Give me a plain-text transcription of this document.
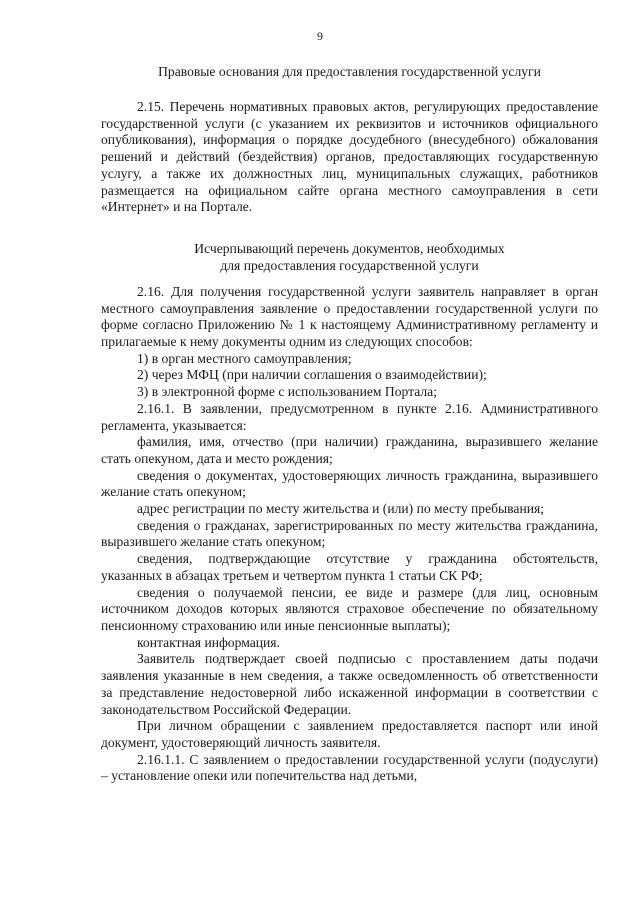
9

Правовые основания для предоставления государственной услуги

2.15. Перечень нормативных правовых актов, регулирующих предоставление государственной услуги (с указанием их реквизитов и источников официального опубликования), информация о порядке досудебного (внесудебного) обжалования решений и действий (бездействия) органов, предоставляющих государственную услугу, а также их должностных лиц, муниципальных служащих, работников размещается на официальном сайте органа местного самоуправления в сети «Интернет» и на Портале.

Исчерпывающий перечень документов, необходимых

для предоставления государственной услуги

2.16. Для получения государственной услуги заявитель направляет в орган местного самоуправления заявление о предоставлении государственной услуги по форме согласно Приложению № 1 к настоящему Административному регламенту и прилагаемые к нему документы одним из следующих способов:

1) в орган местного самоуправления;

2) через МФЦ (при наличии соглашения о взаимодействии);

3) в электронной форме с использованием Портала;

2.16.1. В заявлении, предусмотренном в пункте 2.16. Административного регламента, указывается:

фамилия, имя, отчество (при наличии) гражданина, выразившего желание стать опекуном, дата и место рождения;

сведения о документах, удостоверяющих личность гражданина, выразившего желание стать опекуном;

адрес регистрации по месту жительства и (или) по месту пребывания;

сведения о гражданах, зарегистрированных по месту жительства гражданина, выразившего желание стать опекуном;

сведения, подтверждающие отсутствие у гражданина обстоятельств, указанных в абзацах третьем и четвертом пункта 1 статьи СК РФ;

сведения о получаемой пенсии, ее виде и размере (для лиц, основным источником доходов которых являются страховое обеспечение по обязательному пенсионному страхованию или иные пенсионные выплаты);

контактная информация.

Заявитель подтверждает своей подписью с проставлением даты подачи заявления указанные в нем сведения, а также осведомленность об ответственности за представление недостоверной либо искаженной информации в соответствии с законодательством Российской Федерации.

При личном обращении с заявлением предоставляется паспорт или иной документ, удостоверяющий личность заявителя.

2.16.1.1. С заявлением о предоставлении государственной услуги (подуслуги) – установление опеки или попечительства над детьми,
